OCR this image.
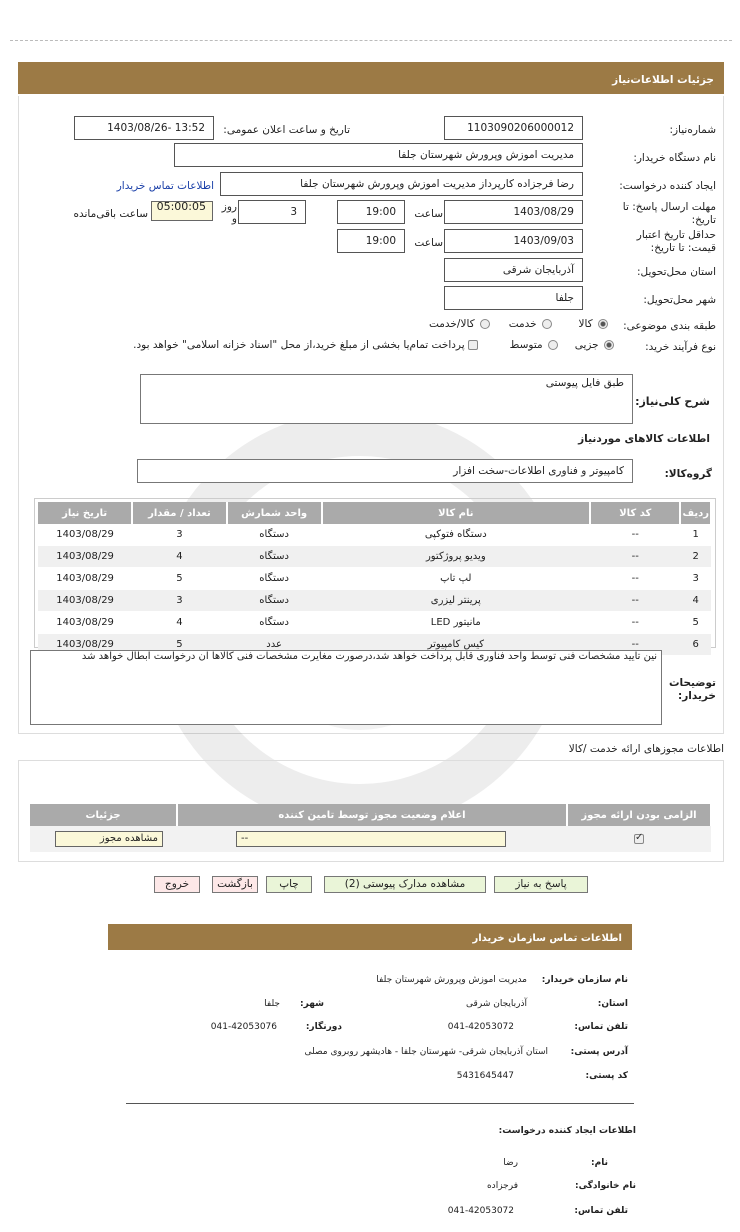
جزئیات اطلاعات‌نیاز
شماره‌نیاز:
1103090206000012
تاریخ و ساعت اعلان عمومی:
1403/08/26- 13:52
نام دستگاه خریدار:
مدیریت اموزش وپرورش شهرستان جلفا
ایجاد کننده درخواست:
رضا فرجزاده کارپرداز مدیریت اموزش وپرورش شهرستان جلفا
اطلاعات تماس خریدار
مهلت ارسال پاسخ: تا تاریخ:
1403/08/29
ساعت
19:00
3
روز و
05:00:05
ساعت باقی‌مانده
حداقل تاریخ اعتبار قیمت: تا تاریخ:
1403/09/03
ساعت
19:00
استان محل‌تحویل:
آذربایجان شرقی
شهر محل‌تحویل:
جلفا
طبقه بندی موضوعی:
کالا
خدمت
کالا/خدمت
نوع فرآیند خرید:
جزیی
متوسط
پرداخت تمام‌یا بخشی از مبلغ خرید،از محل "اسناد خزانه اسلامی" خواهد بود.
شرح کلی‌نیاز:
طبق فایل پیوستی
اطلاعات کالاهای موردنیاز
گروه‌کالا:
کامپیوتر و فناوری اطلاعات-سخت افزار
ردیف	کد کالا	نام کالا	واحد شمارش	تعداد / مقدار	تاریخ نیاز
1	--	دستگاه فتوکپی	دستگاه	3	1403/08/29
2	--	ویدیو پروژکتور	دستگاه	4	1403/08/29
3	--	لپ تاپ	دستگاه	5	1403/08/29
4	--	پرینتر لیزری	دستگاه	3	1403/08/29
5	--	مانیتور LED	دستگاه	4	1403/08/29
6	--	کیس کامپیوتر	عدد	5	1403/08/29
توضیحات خریدار:
نین تایید مشخصات فنی توسط واحد فناوری قابل پرداخت خواهد شد،درصورت مغایرت مشخصات فنی کالاها آن درخواست ابطال خواهد شد
اطلاعات مجوزهای ارائه خدمت /کالا
الزامی بودن ارائه مجوز	اعلام وضعیت مجوز توسط تامین کننده	جزئیات
✓	
--	مشاهده مجوز
پاسخ به نیاز
مشاهده مدارک پیوستی (2)
چاپ
بازگشت
خروج
اطلاعات تماس سازمان خریدار
نام سازمان خریدار:
مدیریت اموزش وپرورش شهرستان جلفا
استان:
آذربایجان شرقی
شهر:
جلفا
تلفن تماس:
041-42053072
دورنگار:
041-42053076
آدرس پستی:
استان آذربایجان شرقی- شهرستان جلفا - هادیشهر روبروی مصلی
کد پستی:
5431645447
اطلاعات ایجاد کننده درخواست:
نام:
رضا
نام خانوادگی:
فرجزاده
تلفن تماس:
041-42053072
